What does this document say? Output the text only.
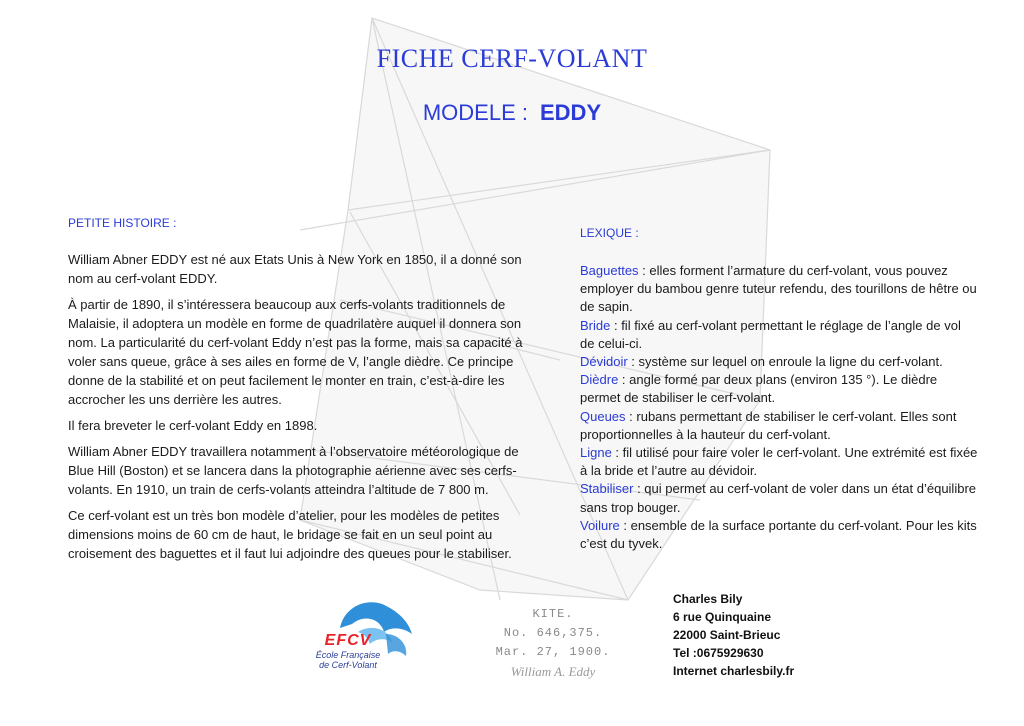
FICHE CERF-VOLANT
MODELE : EDDY
PETITE HISTOIRE :

William Abner EDDY est né aux Etats Unis à New York en 1850, il a donné son nom au cerf-volant EDDY.

À partir de 1890, il s’intéressera beaucoup aux cerfs-volants traditionnels de Malaisie, il adoptera un modèle en forme de quadrilatère auquel il donnera son nom. La particularité du cerf-volant Eddy n’est pas la forme, mais sa capacité à voler sans queue, grâce à ses ailes en forme de V, l’angle dièdre. Ce principe donne de la stabilité et on peut facilement le monter en train, c’est-à-dire les accrocher les uns derrière les autres.

Il fera breveter le cerf-volant Eddy en 1898.

William Abner EDDY travaillera notamment à l’observatoire météorologique de Blue Hill (Boston) et se lancera dans la photographie aérienne avec ses cerfs-volants. En 1910, un train de cerfs-volants atteindra l’altitude de 7 800 m.

Ce cerf-volant est un très bon modèle d’atelier, pour les modèles de petites dimensions moins de 60 cm de haut, le bridage se fait en un seul point au croisement des baguettes et il faut lui adjoindre des queues pour le stabiliser.

LEXIQUE :

Baguettes : elles forment l’armature du cerf-volant, vous pouvez employer du bambou genre tuteur refendu, des tourillons de hêtre ou de sapin.

Bride : fil fixé au cerf-volant permettant le réglage de l’angle de vol de celui-ci.

Dévidoir : système sur lequel on enroule la ligne du cerf-volant.

Dièdre : angle formé par deux plans (environ 135 °). Le dièdre permet de stabiliser le cerf-volant.

Queues : rubans permettant de stabiliser le cerf-volant. Elles sont proportionnelles à la hauteur du cerf-volant.

Ligne : fil utilisé pour faire voler le cerf-volant. Une extrémité est fixée à la bride et l’autre au dévidoir.

Stabiliser : qui permet au cerf-volant de voler dans un état d’équilibre sans trop bouger.

Voilure : ensemble de la surface portante du cerf-volant. Pour les kits c’est du tyvek.

EFCV
École Française
de Cerf-Volant
KITE.
No. 646,375.
Mar. 27, 1900.
William A. Eddy
Charles Bily
6 rue Quinquaine
22000 Saint-Brieuc
Tel :0675929630
Internet charlesbily.fr
